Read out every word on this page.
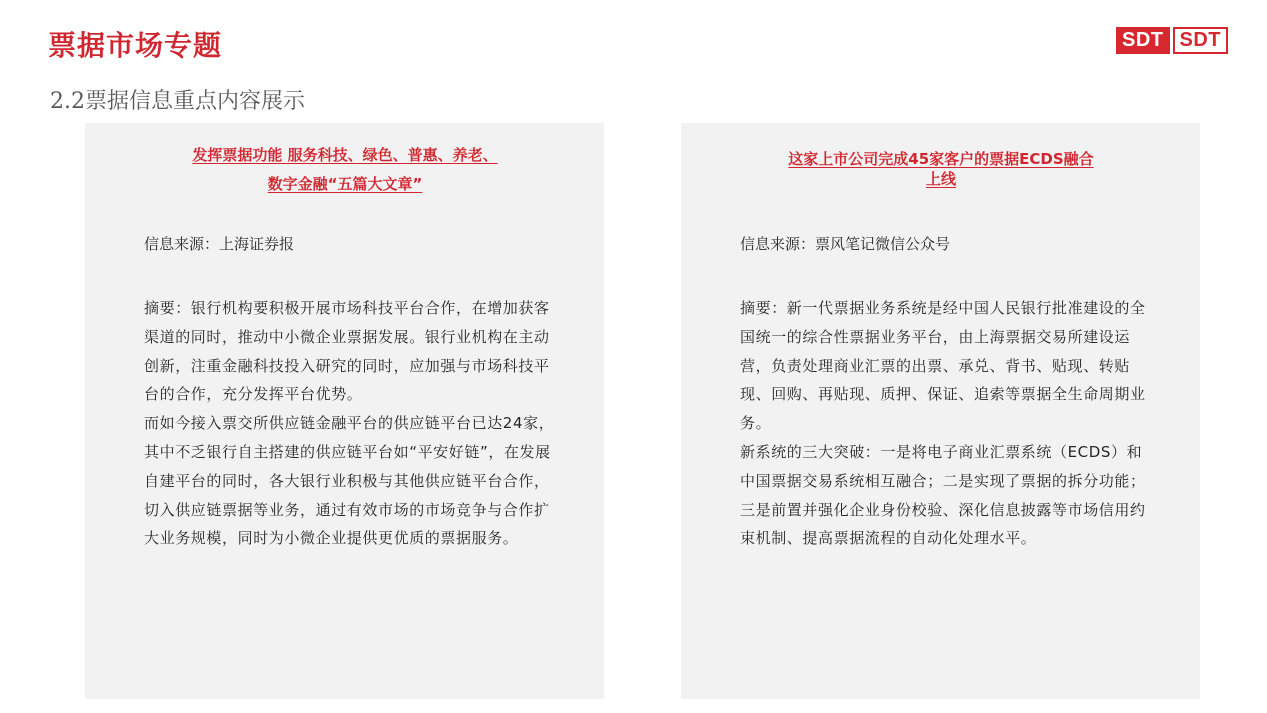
票据市场专题	SDT SDT
2.2票据信息重点内容展示
发挥票据功能 服务科技、绿色、普惠、养老、
数字金融“五篇大文章”
信息来源：上海证券报

摘要：银行机构要积极开展市场科技平台合作，在增加获客渠道的同时，推动中小微企业票据发展。银行业机构在主动创新，注重金融科技投入研究的同时，应加强与市场科技平台的合作，充分发挥平台优势。

而如今接入票交所供应链金融平台的供应链平台已达24家，其中不乏银行自主搭建的供应链平台如“平安好链”，在发展自建平台的同时，各大银行业积极与其他供应链平台合作，切入供应链票据等业务，通过有效市场的市场竞争与合作扩大业务规模，同时为小微企业提供更优质的票据服务。

这家上市公司完成45家客户的票据ECDS融合
上线
信息来源：票风笔记微信公众号

摘要：新一代票据业务系统是经中国人民银行批准建设的全国统一的综合性票据业务平台，由上海票据交易所建设运营，负责处理商业汇票的出票、承兑、背书、贴现、转贴现、回购、再贴现、质押、保证、追索等票据全生命周期业务。

新系统的三大突破：一是将电子商业汇票系统（ECDS）和中国票据交易系统相互融合；二是实现了票据的拆分功能；三是前置并强化企业身份校验、深化信息披露等市场信用约束机制、提高票据流程的自动化处理水平。
